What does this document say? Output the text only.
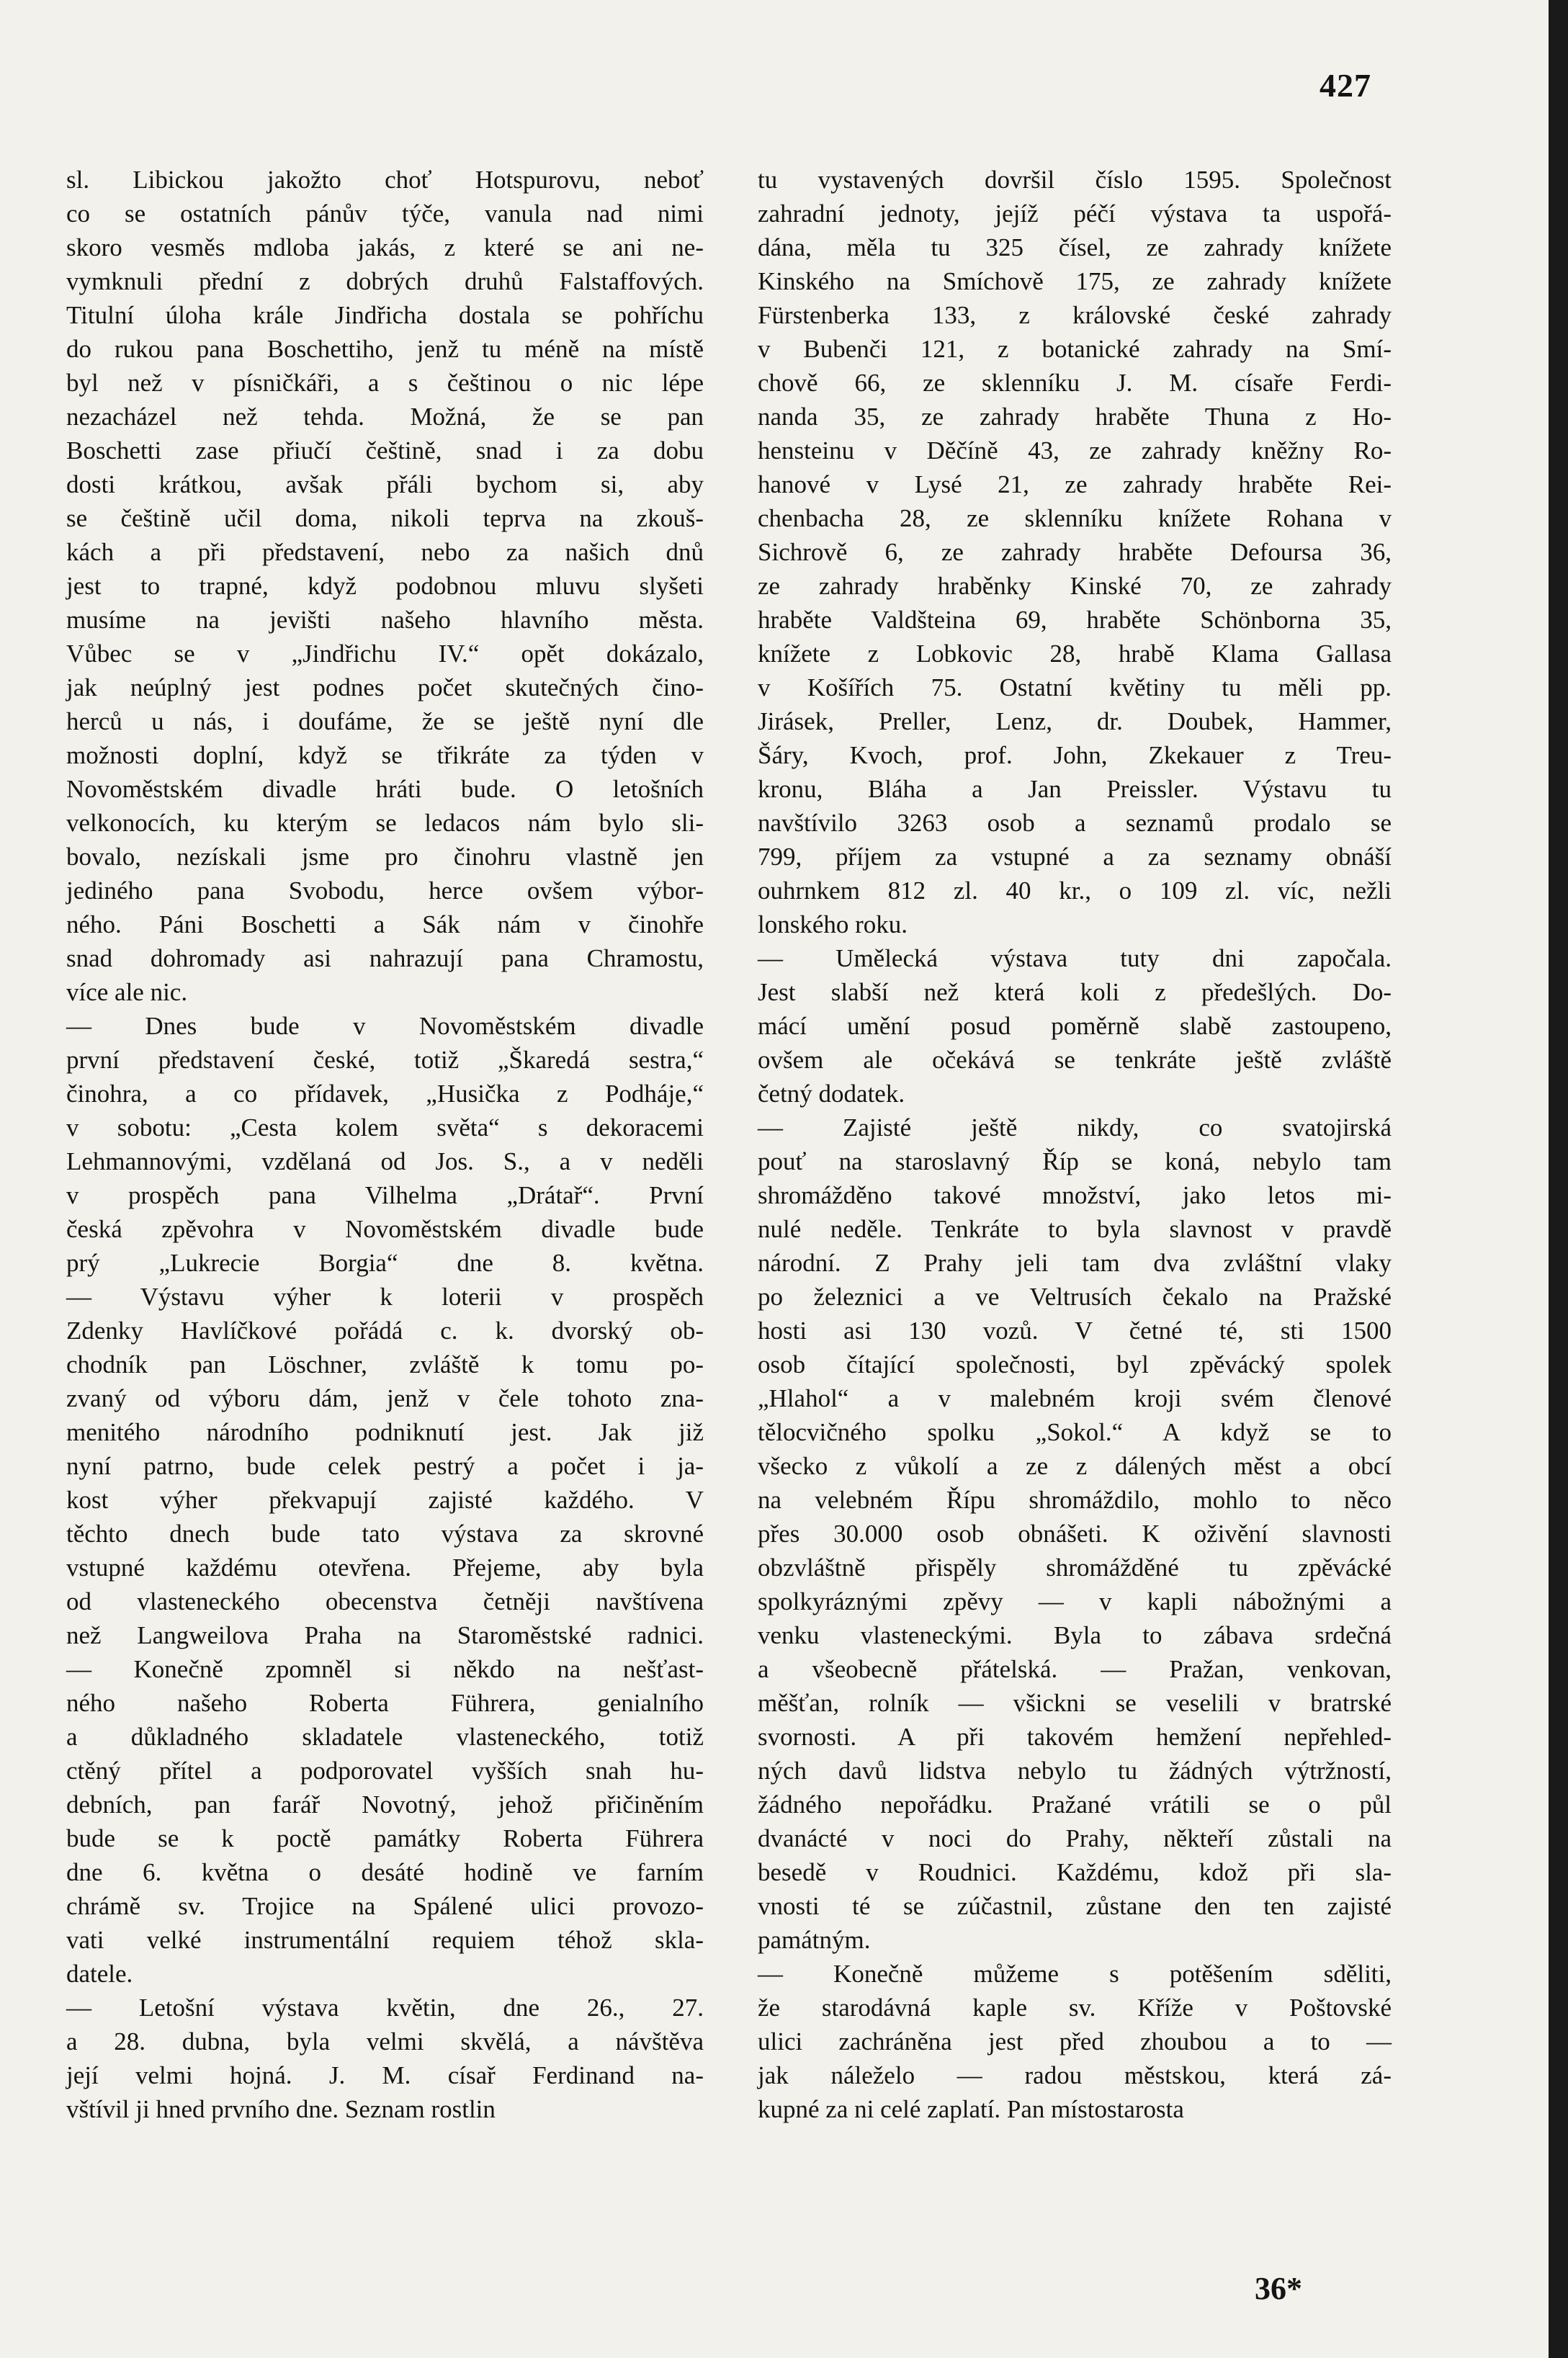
427
sl. Libickou jakožto choť Hotspurovu, neboť
co se ostatních pánův týče, vanula nad nimi
skoro vesměs mdloba jakás, z které se ani ne-
vymknuli přední z dobrých druhů Falstaffových.
Titulní úloha krále Jindřicha dostala se pohříchu
do rukou pana Boschettiho, jenž tu méně na místě
byl než v písničkáři, a s češtinou o nic lépe
nezacházel než tehda. Možná, že se pan
Boschetti zase přiučí češtině, snad i za dobu
dosti krátkou, avšak přáli bychom si, aby
se češtině učil doma, nikoli teprva na zkouš-
kách a při představení, nebo za našich dnů
jest to trapné, když podobnou mluvu slyšeti
musíme na jevišti našeho hlavního města.
Vůbec se v „Jindřichu IV.“ opět dokázalo,
jak neúplný jest podnes počet skutečných čino-
herců u nás, i doufáme, že se ještě nyní dle
možnosti doplní, když se třikráte za týden v
Novoměstském divadle hráti bude. O letošních
velkonocích, ku kterým se ledacos nám bylo sli-
bovalo, nezískali jsme pro činohru vlastně jen
jediného pana Svobodu, herce ovšem výbor-
ného. Páni Boschetti a Sák nám v činohře
snad dohromady asi nahrazují pana Chramostu,
více ale nic.
— Dnes bude v Novoměstském divadle
první představení české, totiž „Škaredá sestra,“
činohra, a co přídavek, „Husička z Podháje,“
v sobotu: „Cesta kolem světa“ s dekoracemi
Lehmannovými, vzdělaná od Jos. S., a v neděli
v prospěch pana Vilhelma „Drátař“. První
česká zpěvohra v Novoměstském divadle bude
prý „Lukrecie Borgia“ dne 8. května.
— Výstavu výher k loterii v prospěch
Zdenky Havlíčkové pořádá c. k. dvorský ob-
chodník pan Löschner, zvláště k tomu po-
zvaný od výboru dám, jenž v čele tohoto zna-
menitého národního podniknutí jest. Jak již
nyní patrno, bude celek pestrý a počet i ja-
kost výher překvapují zajisté každého. V
těchto dnech bude tato výstava za skrovné
vstupné každému otevřena. Přejeme, aby byla
od vlasteneckého obecenstva četněji navštívena
než Langweilova Praha na Staroměstské radnici.
— Konečně zpomněl si někdo na nešťast-
ného našeho Roberta Führera, genialního
a důkladného skladatele vlasteneckého, totiž
ctěný přítel a podporovatel vyšších snah hu-
debních, pan farář Novotný, jehož přičiněním
bude se k poctě památky Roberta Führera
dne 6. května o desáté hodině ve farním
chrámě sv. Trojice na Spálené ulici provozo-
vati velké instrumentální requiem téhož skla-
datele.
— Letošní výstava květin, dne 26., 27.
a 28. dubna, byla velmi skvělá, a návštěva
její velmi hojná. J. M. císař Ferdinand na-
vštívil ji hned prvního dne. Seznam rostlin
tu vystavených dovršil číslo 1595. Společnost
zahradní jednoty, jejíž péčí výstava ta uspořá-
dána, měla tu 325 čísel, ze zahrady knížete
Kinského na Smíchově 175, ze zahrady knížete
Fürstenberka 133, z královské české zahrady
v Bubenči 121, z botanické zahrady na Smí-
chově 66, ze sklenníku J. M. císaře Ferdi-
nanda 35, ze zahrady hraběte Thuna z Ho-
hensteinu v Děčíně 43, ze zahrady kněžny Ro-
hanové v Lysé 21, ze zahrady hraběte Rei-
chenbacha 28, ze sklenníku knížete Rohana v
Sichrově 6, ze zahrady hraběte Defoursa 36,
ze zahrady hraběnky Kinské 70, ze zahrady
hraběte Valdšteina 69, hraběte Schönborna 35,
knížete z Lobkovic 28, hrabě Klama Gallasa
v Košířích 75. Ostatní květiny tu měli pp.
Jirásek, Preller, Lenz, dr. Doubek, Hammer,
Šáry, Kvoch, prof. John, Zkekauer z Treu-
kronu, Bláha a Jan Preissler. Výstavu tu
navštívilo 3263 osob a seznamů prodalo se
799, příjem za vstupné a za seznamy obnáší
ouhrnkem 812 zl. 40 kr., o 109 zl. víc, nežli
lonského roku.
— Umělecká výstava tuty dni započala.
Jest slabší než která koli z předešlých. Do-
mácí umění posud poměrně slabě zastoupeno,
ovšem ale očekává se tenkráte ještě zvláště
četný dodatek.
— Zajisté ještě nikdy, co svatojirská
pouť na staroslavný Říp se koná, nebylo tam
shromážděno takové množství, jako letos mi-
nulé neděle. Tenkráte to byla slavnost v pravdě
národní. Z Prahy jeli tam dva zvláštní vlaky
po železnici a ve Veltrusích čekalo na Pražské
hosti asi 130 vozů. V četné té, sti 1500
osob čítající společnosti, byl zpěvácký spolek
„Hlahol“ a v malebném kroji svém členové
tělocvičného spolku „Sokol.“ A když se to
všecko z vůkolí a ze z dálených měst a obcí
na velebném Řípu shromáždilo, mohlo to něco
přes 30.000 osob obnášeti. K oživění slavnosti
obzvláštně přispěly shromážděné tu zpěvácké
spolkyráznými zpěvy — v kapli nábožnými a
venku vlasteneckými. Byla to zábava srdečná
a všeobecně přátelská. — Pražan, venkovan,
měšťan, rolník — všickni se veselili v bratrské
svornosti. A při takovém hemžení nepřehled-
ných davů lidstva nebylo tu žádných výtržností,
žádného nepořádku. Pražané vrátili se o půl
dvanácté v noci do Prahy, někteří zůstali na
besedě v Roudnici. Každému, kdož při sla-
vnosti té se zúčastnil, zůstane den ten zajisté
památným.
— Konečně můžeme s potěšením sděliti,
že starodávná kaple sv. Kříže v Poštovské
ulici zachráněna jest před zhoubou a to —
jak náleželo — radou městskou, která zá-
kupné za ni celé zaplatí. Pan místostarosta
36*
